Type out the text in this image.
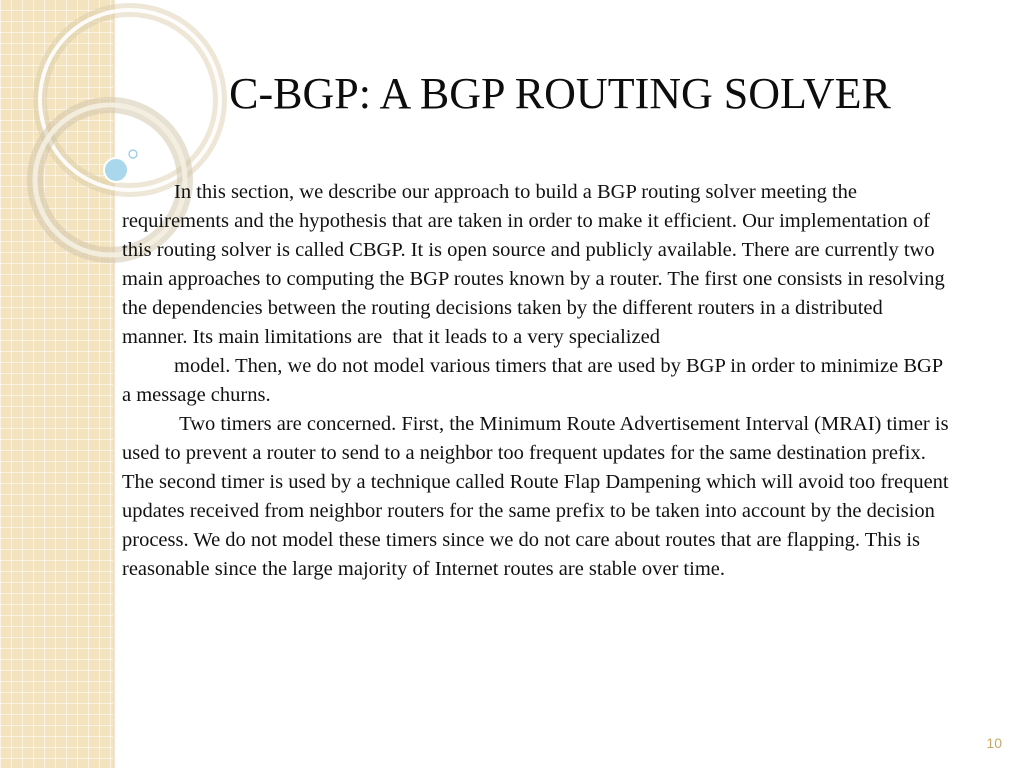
C-BGP: A BGP ROUTING SOLVER

In this section, we describe our approach to build a BGP routing solver meeting the requirements and the hypothesis that are taken in order to make it efficient. Our implementation of this routing solver is called CBGP. It is open source and publicly available. There are currently two main approaches to computing the BGP routes known by a router. The first one consists in resolving the dependencies between the routing decisions taken by the different routers in a distributed manner. Its main limitations are  that it leads to a very specialized

model. Then, we do not model various timers that are used by BGP in order to minimize BGP a message churns.

Two timers are concerned. First, the Minimum Route Advertisement Interval (MRAI) timer is used to prevent a router to send to a neighbor too frequent updates for the same destination prefix. The second timer is used by a technique called Route Flap Dampening which will avoid too frequent updates received from neighbor routers for the same prefix to be taken into account by the decision process. We do not model these timers since we do not care about routes that are flapping. This is reasonable since the large majority of Internet routes are stable over time.

10
